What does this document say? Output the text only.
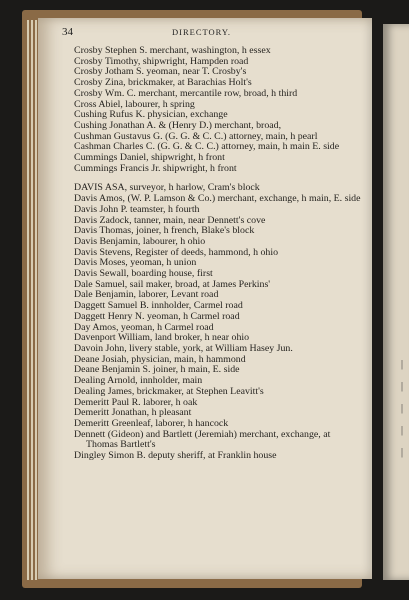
|
|
|
|
|
34	DIRECTORY.
Crosby Stephen S. merchant, washington, h essex
Crosby Timothy, shipwright, Hampden road
Crosby Jotham S. yeoman, near T. Crosby's
Crosby Zina, brickmaker, at Barachias Holt's
Crosby Wm. C. merchant, mercantile row, broad, h third
Cross Abiel, labourer, h spring
Cushing Rufus K. physician, exchange
Cushing Jonathan A. & (Henry D.) merchant, broad,
Cushman Gustavus G. (G. G. & C. C.) attorney, main, h pearl
Cashman Charles C. (G. G. & C. C.) attorney, main, h main E. side
Cummings Daniel, shipwright, h front
Cummings Francis Jr. shipwright, h front
DAVIS ASA, surveyor, h harlow, Cram's block
Davis Amos, (W. P. Lamson & Co.) merchant, exchange, h main, E. side
Davis John P. teamster, h fourth
Davis Zadock, tanner, main, near Dennett's cove
Davis Thomas, joiner, h french, Blake's block
Davis Benjamin, labourer, h ohio
Davis Stevens, Register of deeds, hammond, h ohio
Davis Moses, yeoman, h union
Davis Sewall, boarding house, first
Dale Samuel, sail maker, broad, at James Perkins'
Dale Benjamin, laborer, Levant road
Daggett Samuel B. innholder, Carmel road
Daggett Henry N. yeoman, h Carmel road
Day Amos, yeoman, h Carmel road
Davenport William, land broker, h near ohio
Davoin John, livery stable, york, at William Hasey Jun.
Deane Josiah, physician, main, h hammond
Deane Benjamin S. joiner, h main, E. side
Dealing Arnold, innholder, main
Dealing James, brickmaker, at Stephen Leavitt's
Demeritt Paul R. laborer, h oak
Demeritt Jonathan, h pleasant
Demeritt Greenleaf, laborer, h hancock
Dennett (Gideon) and Bartlett (Jeremiah) merchant, exchange, at Thomas Bartlett's
Dingley Simon B. deputy sheriff, at Franklin house
